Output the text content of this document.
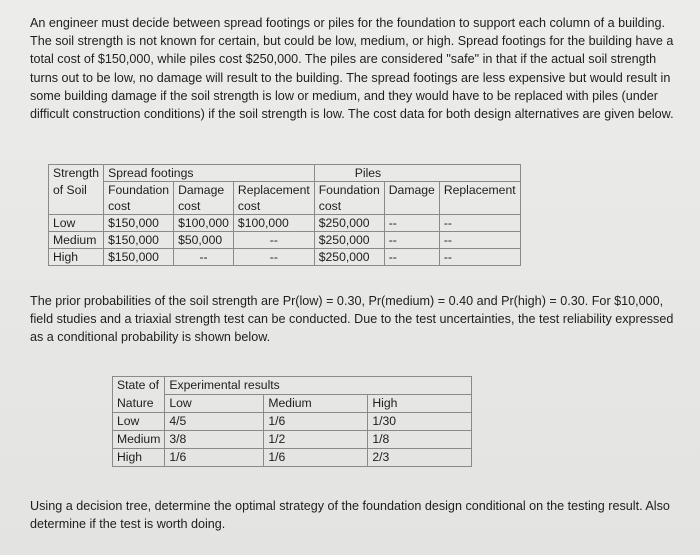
An engineer must decide between spread footings or piles for the foundation to support each column of a building. The soil strength is not known for certain, but could be low, medium, or high. Spread footings for the building have a total cost of $150,000, while piles cost $250,000. The piles are considered "safe" in that if the actual soil strength turns out to be low, no damage will result to the building. The spread footings are less expensive but would result in some building damage if the soil strength is low or medium, and they would have to be replaced with piles (under difficult construction conditions) if the soil strength is low. The cost data for both design alternatives are given below.
Strength	Spread footings			Piles		
of Soil	Foundation	Damage	Replacement	Foundation	Damage	Replacement
	cost	cost	cost	cost		
Low	$150,000	$100,000	$100,000	$250,000	--	--
Medium	$150,000	$50,000	--	$250,000	--	--
High	$150,000	--	--	$250,000	--	--
The prior probabilities of the soil strength are Pr(low) = 0.30, Pr(medium) = 0.40 and Pr(high) = 0.30. For $10,000, field studies and a triaxial strength test can be conducted. Due to the test uncertainties, the test reliability expressed as a conditional probability is shown below.
State of	Experimental results		
Nature	Low	Medium	High
Low	4/5	1/6	1/30
Medium	3/8	1/2	1/8
High	1/6	1/6	2/3
Using a decision tree, determine the optimal strategy of the foundation design conditional on the testing result. Also determine if the test is worth doing.
